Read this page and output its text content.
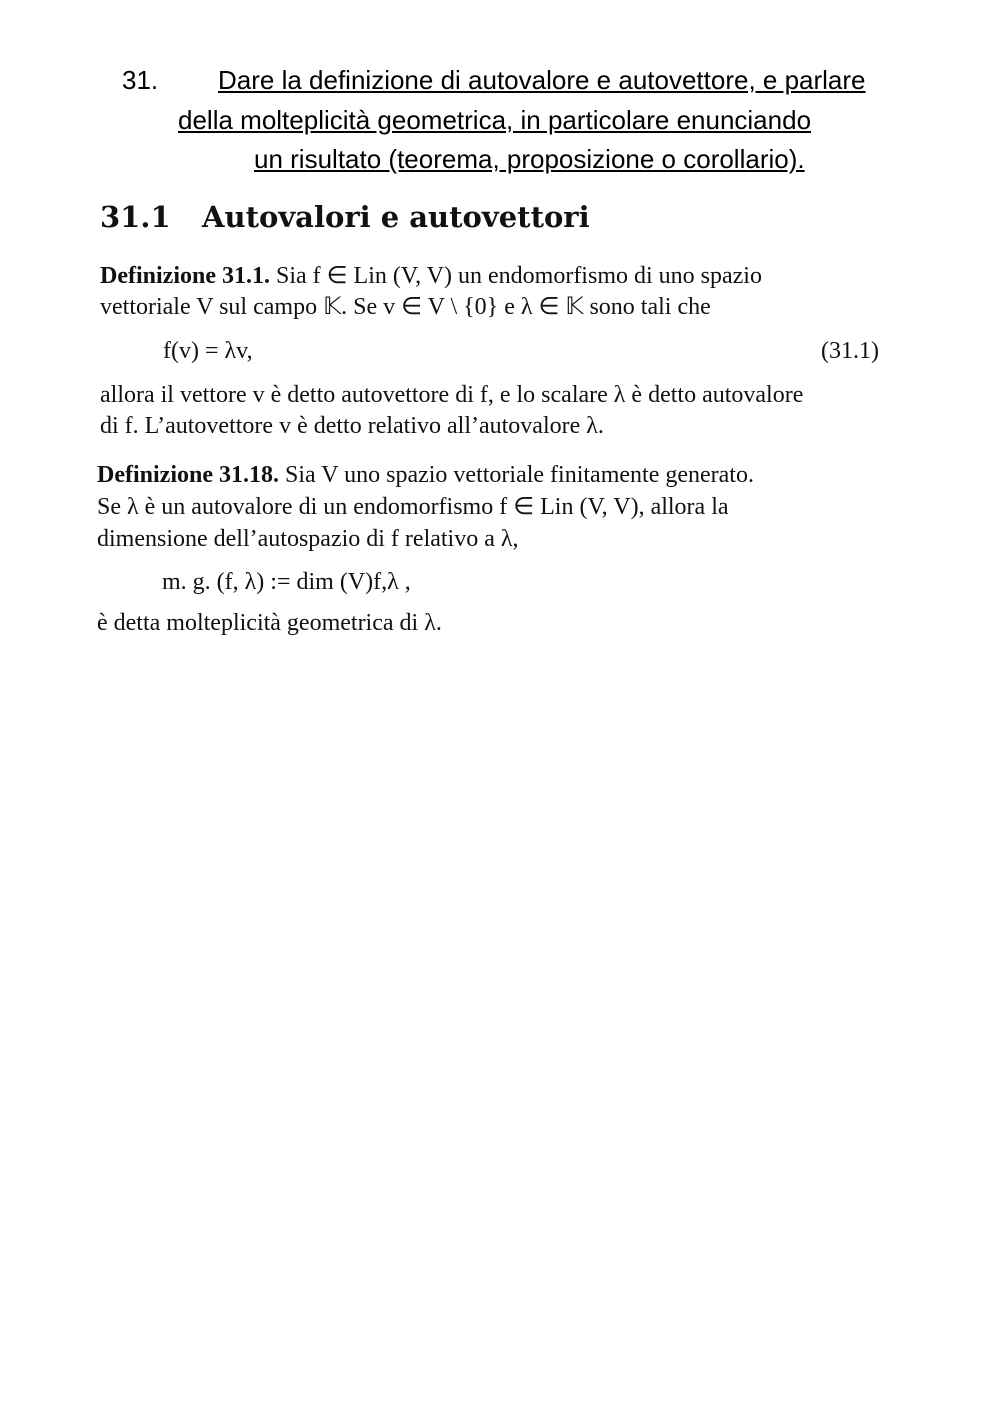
31. Dare la definizione di autovalore e autovettore, e parlare
della molteplicità geometrica, in particolare enunciando
un risultato (teorema, proposizione o corollario).
31.1 Autovalori e autovettori
Definizione 31.1. Sia f ∈ Lin (V, V) un endomorfismo di uno spazio
vettoriale V sul campo 𝕂. Se v ∈ V \ {0} e λ ∈ 𝕂 sono tali che
f(v) = λv,	(31.1)
allora il vettore v è detto autovettore di f, e lo scalare λ è detto autovalore
di f. L’autovettore v è detto relativo all’autovalore λ.
Definizione 31.18. Sia V uno spazio vettoriale finitamente generato.
Se λ è un autovalore di un endomorfismo f ∈ Lin (V, V), allora la
dimensione dell’autospazio di f relativo a λ,
m. g. (f, λ) := dim (V)f,λ ,
è detta molteplicità geometrica di λ.
